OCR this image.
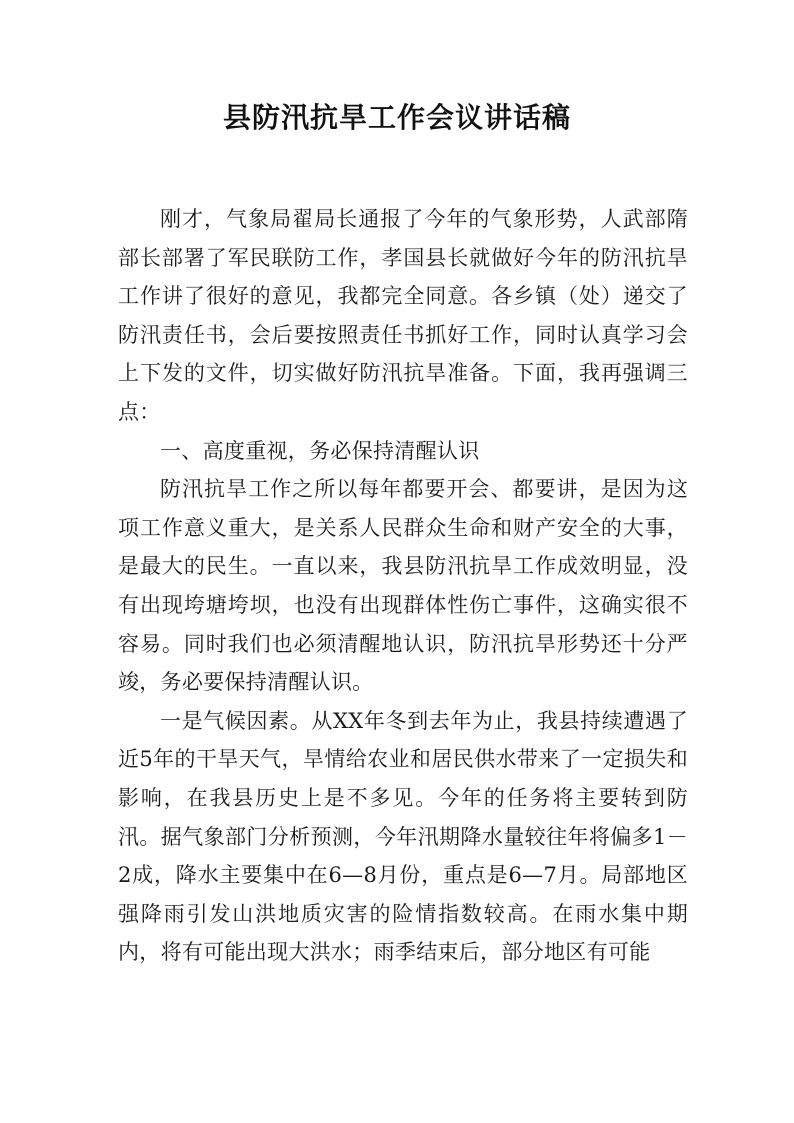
县防汛抗旱工作会议讲话稿

刚才，气象局翟局长通报了今年的气象形势，人武部隋部长部署了军民联防工作，孝国县长就做好今年的防汛抗旱工作讲了很好的意见，我都完全同意。各乡镇（处）递交了防汛责任书，会后要按照责任书抓好工作，同时认真学习会上下发的文件，切实做好防汛抗旱准备。下面，我再强调三点：

一、高度重视，务必保持清醒认识

防汛抗旱工作之所以每年都要开会、都要讲，是因为这项工作意义重大，是关系人民群众生命和财产安全的大事，是最大的民生。一直以来，我县防汛抗旱工作成效明显，没有出现垮塘垮坝，也没有出现群体性伤亡事件，这确实很不容易。同时我们也必须清醒地认识，防汛抗旱形势还十分严竣，务必要保持清醒认识。

一是气候因素。从XX年冬到去年为止，我县持续遭遇了近5年的干旱天气，旱情给农业和居民供水带来了一定损失和影响，在我县历史上是不多见。今年的任务将主要转到防汛。据气象部门分析预测，今年汛期降水量较往年将偏多1－2成，降水主要集中在6—8月份，重点是6—7月。局部地区强降雨引发山洪地质灾害的险情指数较高。在雨水集中期内，将有可能出现大洪水；雨季结束后，部分地区有可能
